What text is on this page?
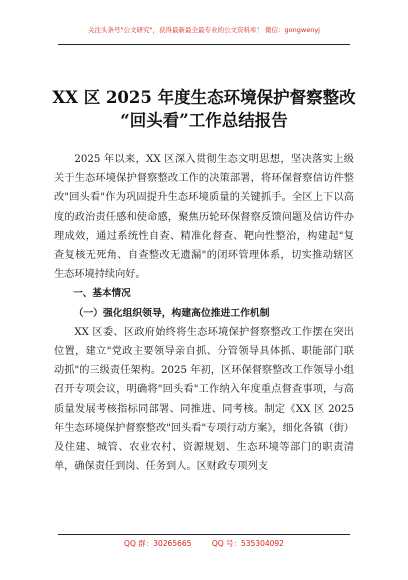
关注头条号"公文研究"，获得最新最全最专业的公文资料库！ 微信：gongwenyj
XX 区 2025 年度生态环境保护督察整改
“回头看”工作总结报告

2025 年以来，XX 区深入贯彻生态文明思想，坚决落实上级关于生态环境保护督察整改工作的决策部署，将环保督察信访件整改"回头看"作为巩固提升生态环境质量的关键抓手。全区上下以高度的政治责任感和使命感，聚焦历轮环保督察反馈问题及信访件办理成效，通过系统性自查、精准化督查、靶向性整治，构建起"复查复核无死角、自查整改无遗漏"的闭环管理体系，切实推动辖区生态环境持续向好。

一、基本情况

（一）强化组织领导，构建高位推进工作机制

XX 区委、区政府始终将生态环境保护督察整改工作摆在突出位置，建立"党政主要领导亲自抓、分管领导具体抓、职能部门联动抓"的三级责任架构。2025 年初，区环保督察整改工作领导小组召开专项会议，明确将"回头看"工作纳入年度重点督查事项，与高质量发展考核指标同部署、同推进、同考核。制定《XX 区 2025 年生态环境保护督察整改"回头看"专项行动方案》，细化各镇（街）及住建、城管、农业农村、资源规划、生态环境等部门的职责清单，确保责任到岗、任务到人。区财政专项列支

QQ 群：30265665	QQ 号：535304092
